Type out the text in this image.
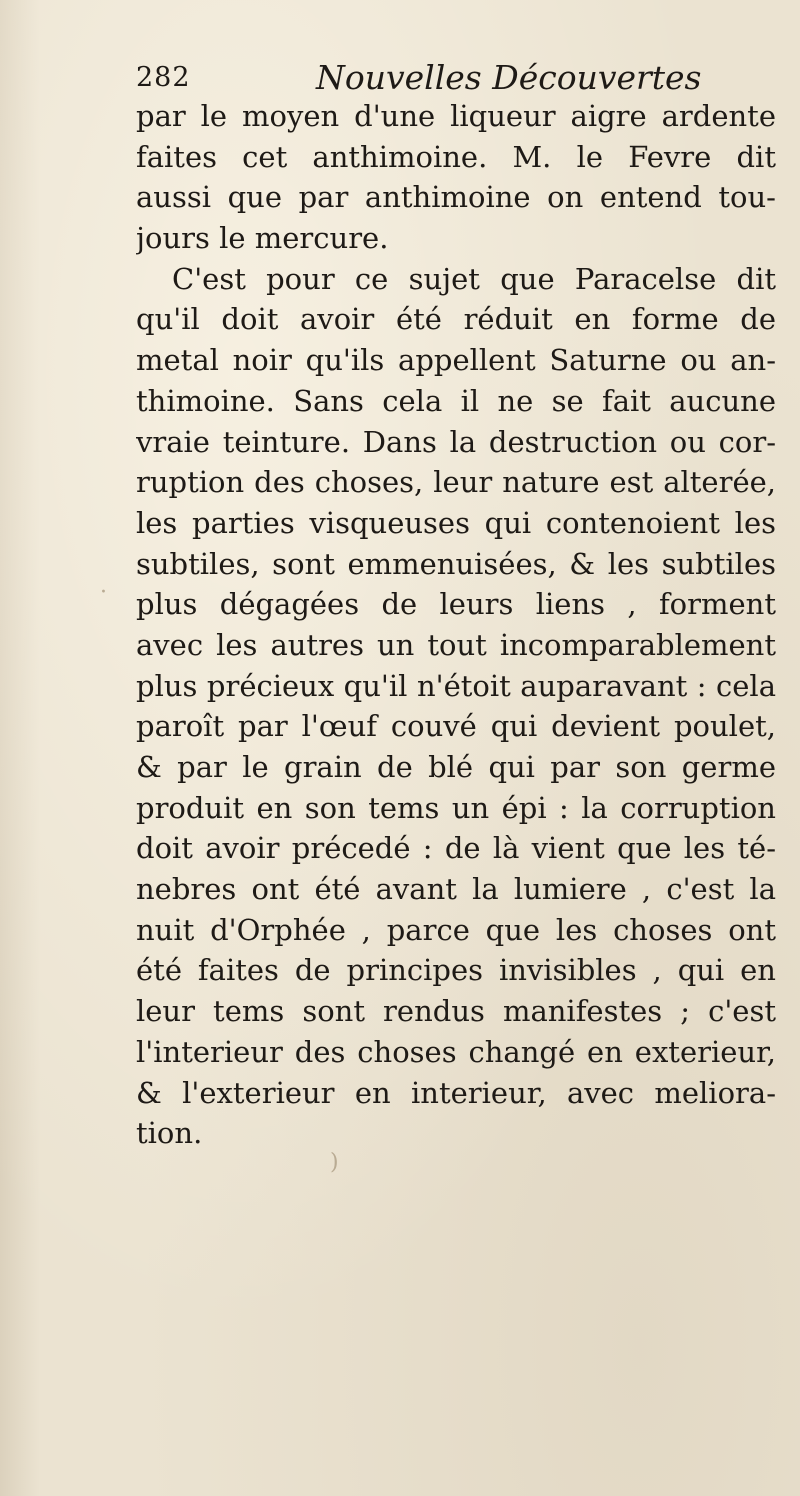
282	Nouvelles Découvertes
par le moyen d'une liqueur aigre ardente
faites cet anthimoine. M. le Fevre dit
aussi que par anthimoine on entend tou-
jours le mercure.
C'est pour ce sujet que Paracelse dit
qu'il doit avoir été réduit en forme de
metal noir qu'ils appellent Saturne ou an-
thimoine. Sans cela il ne se fait aucune
vraie teinture. Dans la destruction ou cor-
ruption des choses, leur nature est alterée,
les parties visqueuses qui contenoient les
subtiles, sont emmenuisées, & les subtiles
plus dégagées de leurs liens , forment
avec les autres un tout incomparablement
plus précieux qu'il n'étoit auparavant : cela
paroît par l'œuf couvé qui devient poulet,
& par le grain de blé qui par son germe
produit en son tems un épi : la corruption
doit avoir précedé : de là vient que les té-
nebres ont été avant la lumiere , c'est la
nuit d'Orphée , parce que les choses ont
été faites de principes invisibles , qui en
leur tems sont rendus manifestes ; c'est
l'interieur des choses changé en exterieur,
& l'exterieur en interieur, avec meliora-
tion.
)
·
